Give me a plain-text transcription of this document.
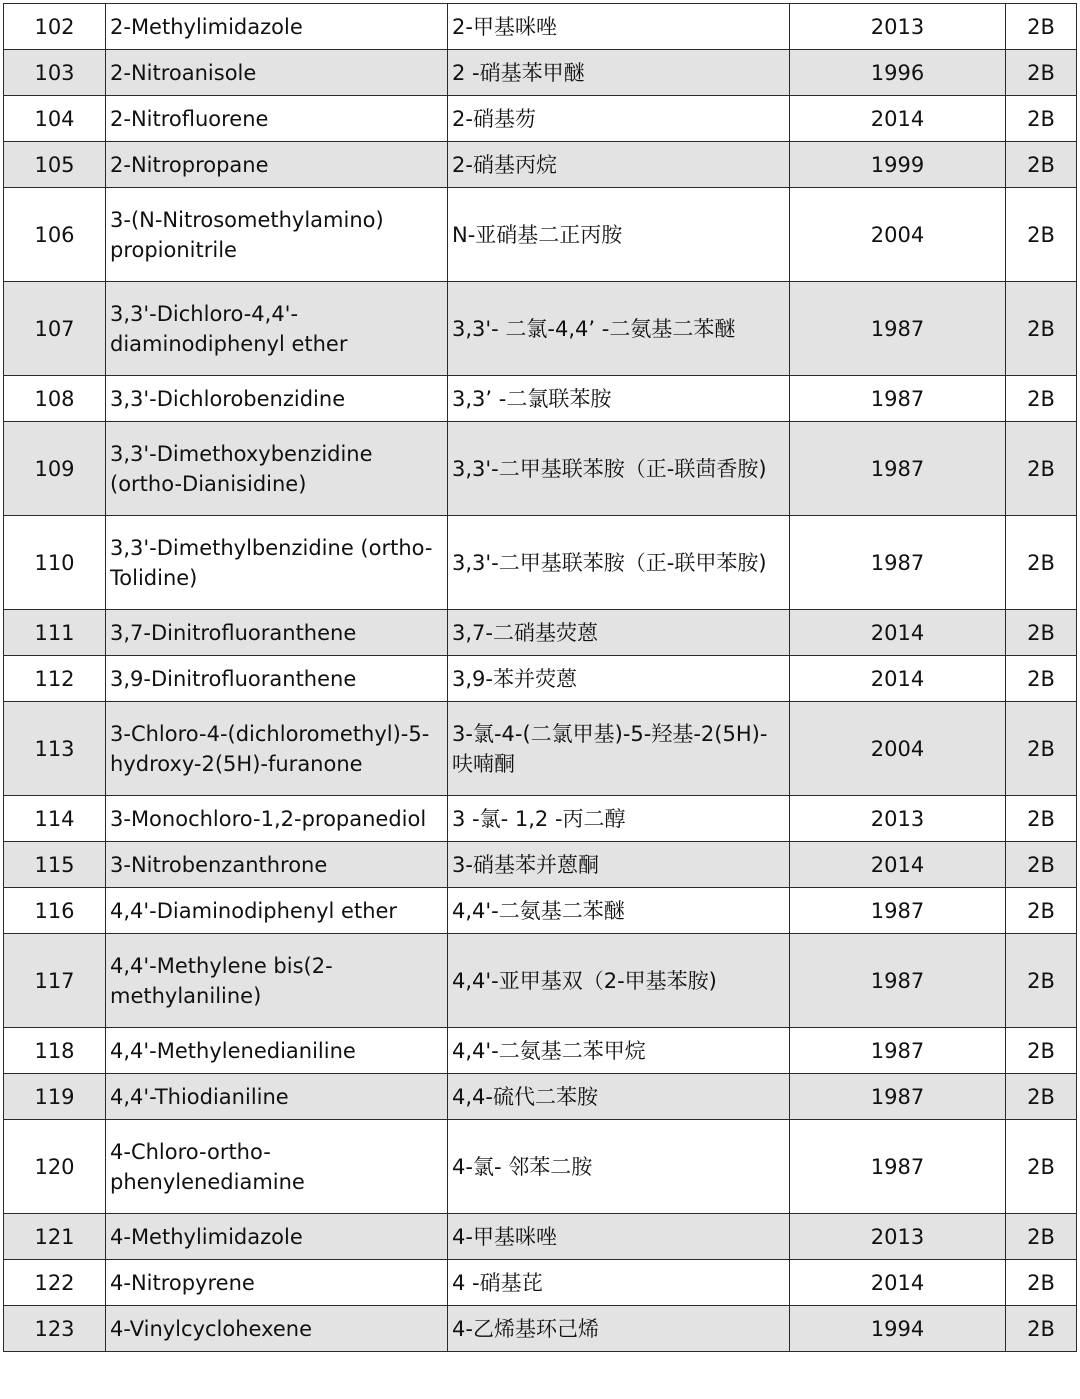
102	2-Methylimidazole	2-甲基咪唑	2013	2B
103	2-Nitroanisole	2 -硝基苯甲醚	1996	2B
104	2-Nitrofluorene	2-硝基芴	2014	2B
105	2-Nitropropane	2-硝基丙烷	1999	2B
106	3-(N-Nitrosomethylamino) propionitrile	N-亚硝基二正丙胺	2004	2B
107	3,3'-Dichloro-4,4'-diaminodiphenyl ether	3,3'- 二氯-4,4’ -二氨基二苯醚	1987	2B
108	3,3'-Dichlorobenzidine	3,3’ -二氯联苯胺	1987	2B
109	3,3'-Dimethoxybenzidine (ortho-Dianisidine)	3,3'-二甲基联苯胺（正-联茴香胺)	1987	2B
110	3,3'-Dimethylbenzidine (ortho-Tolidine)	3,3'-二甲基联苯胺（正-联甲苯胺)	1987	2B
111	3,7-Dinitrofluoranthene	3,7-二硝基荧蒽	2014	2B
112	3,9-Dinitrofluoranthene	3,9-苯并荧蒽	2014	2B
113	3-Chloro-4-(dichloromethyl)-5-hydroxy-2(5H)-furanone	3-氯-4-(二氯甲基)-5-羟基-2(5H)-呋喃酮	2004	2B
114	3-Monochloro-1,2-propanediol	3 -氯- 1,2 -丙二醇	2013	2B
115	3-Nitrobenzanthrone	3-硝基苯并蒽酮	2014	2B
116	4,4'-Diaminodiphenyl ether	4,4'-二氨基二苯醚	1987	2B
117	4,4'-Methylene bis(2-methylaniline)	4,4'-亚甲基双（2-甲基苯胺)	1987	2B
118	4,4'-Methylenedianiline	4,4'-二氨基二苯甲烷	1987	2B
119	4,4'-Thiodianiline	4,4-硫代二苯胺	1987	2B
120	4-Chloro-ortho-phenylenediamine	4-氯- 邻苯二胺	1987	2B
121	4-Methylimidazole	4-甲基咪唑	2013	2B
122	4-Nitropyrene	4 -硝基芘	2014	2B
123	4-Vinylcyclohexene	4-乙烯基环己烯	1994	2B
